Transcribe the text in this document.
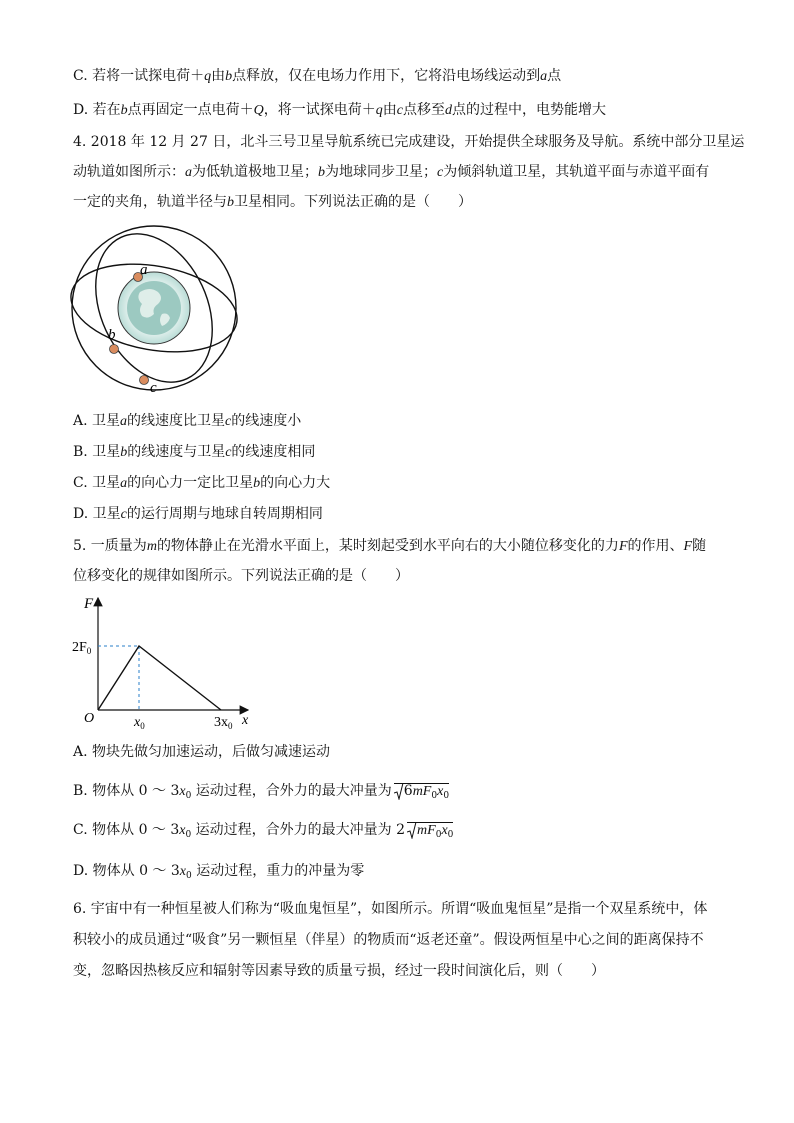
C. 若将一试探电荷＋q由b点释放，仅在电场力作用下，它将沿电场线运动到a点
D. 若在b点再固定一点电荷＋Q，将一试探电荷＋q由c点移至d点的过程中，电势能增大
4. 2018 年 12 月 27 日，北斗三号卫星导航系统已完成建设，开始提供全球服务及导航。系统中部分卫星运
动轨道如图所示：a为低轨道极地卫星；b为地球同步卫星；c为倾斜轨道卫星，其轨道平面与赤道平面有
一定的夹角，轨道半径与b卫星相同。下列说法正确的是（　　）
a
b
c
A. 卫星a的线速度比卫星c的线速度小
B. 卫星b的线速度与卫星c的线速度相同
C. 卫星a的向心力一定比卫星b的向心力大
D. 卫星c的运行周期与地球自转周期相同
5. 一质量为m的物体静止在光滑水平面上，某时刻起受到水平向右的大小随位移变化的力F的作用、F随
位移变化的规律如图所示。下列说法正确的是（　　）
F
O	x
$2F_0$
$x_0$	$3x_0$
A. 物块先做匀加速运动，后做匀减速运动
B. 物体从 0 ～ $3x_0$ 运动过程，合外力的最大冲量为 $6mF_0x_0$
C. 物体从 0 ～ $3x_0$ 运动过程，合外力的最大冲量为 2 $mF_0x_0$
D. 物体从 0 ～ $3x_0$ 运动过程，重力的冲量为零
6. 宇宙中有一种恒星被人们称为“吸血鬼恒星”，如图所示。所谓“吸血鬼恒星”是指一个双星系统中，体
积较小的成员通过“吸食”另一颗恒星（伴星）的物质而“返老还童”。假设两恒星中心之间的距离保持不
变，忽略因热核反应和辐射等因素导致的质量亏损，经过一段时间演化后，则（　　）
